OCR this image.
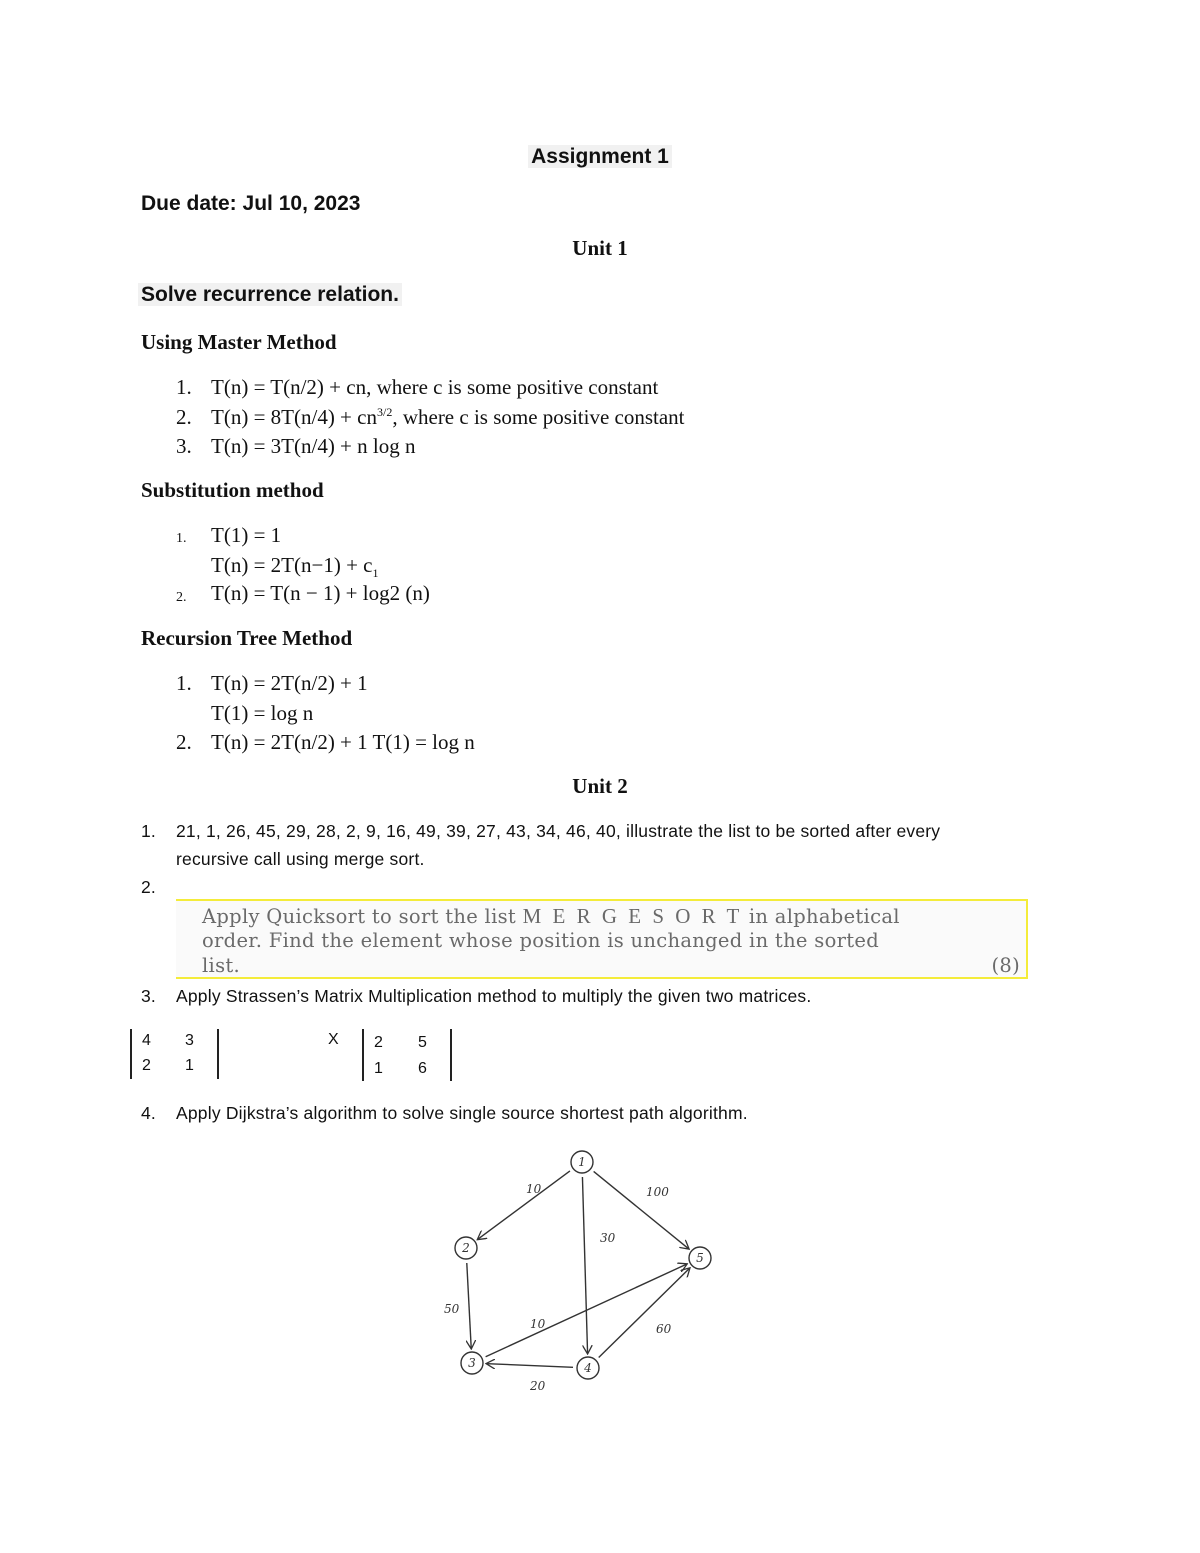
Assignment 1
Due date: Jul 10, 2023
Unit 1
Solve recurrence relation.
Using Master Method
1. T(n) = T(n/2) + cn, where c is some positive constant
2. $T(n) = 8T(n/4) + cn^{3/2}$, where c is some positive constant
3. T(n) = 3T(n/4) + n log n
Substitution method
1. T(1) = 1
$T(n) = 2T(n-1) + c_1$
2. T(n) = T(n − 1) + log2 (n)
Recursion Tree Method
1. T(n) = 2T(n/2) + 1
T(1) = log n
2. T(n) = 2T(n/2) + 1 T(1) = log n
Unit 2
1. 21, 1, 26, 45, 29, 28, 2, 9, 16, 49, 39, 27, 43, 34, 46, 40, illustrate the list to be sorted after every
recursive call using merge sort.
2.
Apply Quicksort to sort the list M E R G E S O R T in alphabetical
order. Find the element whose position is unchanged in the sorted
list.	(8)
3. Apply Strassen’s Matrix Multiplication method to multiply the given two matrices.
4 3
2 1
X 2 5
1 6
4. Apply Dijkstra’s algorithm to solve single source shortest path algorithm.
10
30
100
50
10
20
60
1
2
3	4
5
